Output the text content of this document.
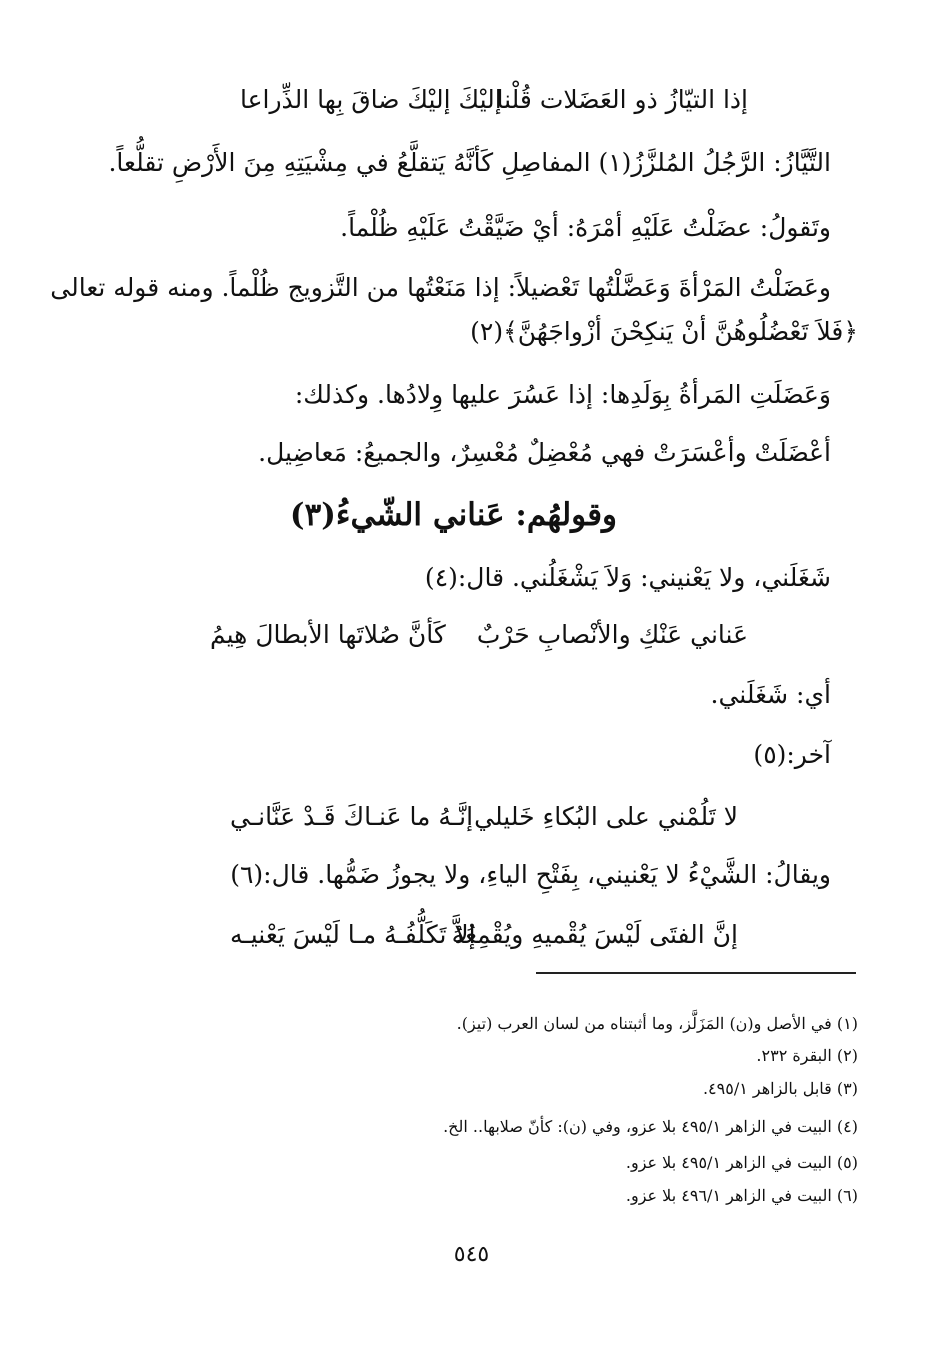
إذا التيّازُ ذو العَضَلات قُلْنا
إليْكَ إليْكَ ضاقَ بِها الذِّراعا
التَّيَّازُ: الرَّجُلُ المُلزَّزُ(١) المفاصِلِ كَأنَّهُ يَتقلَّعُ في مِشْيَتِهِ مِنَ الأَرْضِ تقلُّعاً.
وتَقولُ: عضَلْتُ عَلَيْهِ أمْرَهُ: أيْ ضَيَّقْتُ عَلَيْهِ ظُلْماً.
وعَضَلْتُ المَرْأةَ وَعَضَّلْتُها تَعْضيلاً: إذا مَنَعْتُها من التَّزويج ظُلْماً. ومنه قوله تعالى
﴿فَلاَ تَعْضُلُوهُنَّ أنْ يَنكِحْنَ أزْواجَهُنَّ﴾(٢)
وَعَضَلَتِ المَرأةُ بِوَلَدِها: إذا عَسُرَ عليها وِلادُها. وكذلك:
أعْضَلَتْ وأعْسَرَتْ فهي مُعْضِلٌ مُعْسِرٌ، والجميعُ: مَعاضِيل.
وقولهُم: عَناني الشّيءُ(٣)
شَغَلَني، ولا يَعْنيني: وَلاَ يَشْغَلُني. قال:(٤)
عَناني عَنْكِ والأنْصابِ حَرْبٌ
كَأنَّ صُلاتَها الأبطالَ هِيمُ
أي: شَغَلَني.
آخر:(٥)
لا تَلُمْني على البُكاءِ خَليلي
إنَّـهُ ما عَنـاكَ قَـدْ عَنَّانـي
ويقالُ: الشَّيْءُ لا يَعْنيني، بِفَتْحِ الياءِ، ولا يجوزُ ضَمُّها. قال:(٦)
إنَّ الفتَى لَيْسَ يُقْميهِ ويُقْمِعُهُ
إلاَّ تَكَلُّفُـهُ مـا لَيْسَ يَعْنيـه
(١) في الأصل و(ن) المَزَلَّز، وما أثبتناه من لسان العرب (تيز).
(٢) البقرة ٢٣٢.
(٣) قابل بالزاهر ٤٩٥/١.
(٤) البيت في الزاهر ٤٩٥/١ بلا عزو، وفي (ن): كأنّ صلابها.. الخ.
(٥) البيت في الزاهر ٤٩٥/١ بلا عزو.
(٦) البيت في الزاهر ٤٩٦/١ بلا عزو.
٥٤٥
